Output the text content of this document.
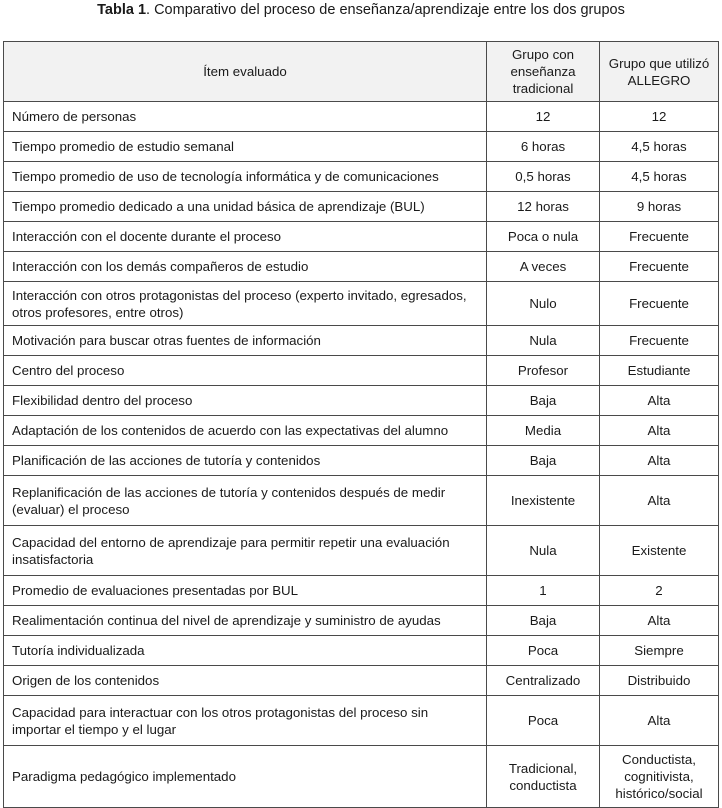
Tabla 1. Comparativo del proceso de enseñanza/aprendizaje entre los dos grupos
Ítem evaluado	Grupo con enseñanza tradicional	Grupo que utilizó ALLEGRO
Número de personas	12	12
Tiempo promedio de estudio semanal	6 horas	4,5 horas
Tiempo promedio de uso de tecnología informática y de comunicaciones	0,5 horas	4,5 horas
Tiempo promedio dedicado a una unidad básica de aprendizaje (BUL)	12 horas	9 horas
Interacción con el docente durante el proceso	Poca o nula	Frecuente
Interacción con los demás compañeros de estudio	A veces	Frecuente
Interacción con otros protagonistas del proceso (experto invitado, egresados, otros profesores, entre otros)	Nulo	Frecuente
Motivación para buscar otras fuentes de información	Nula	Frecuente
Centro del proceso	Profesor	Estudiante
Flexibilidad dentro del proceso	Baja	Alta
Adaptación de los contenidos de acuerdo con las expectativas del alumno	Media	Alta
Planificación de las acciones de tutoría y contenidos	Baja	Alta
Replanificación de las acciones de tutoría y contenidos después de medir (evaluar) el proceso	Inexistente	Alta
Capacidad del entorno de aprendizaje para permitir repetir una evaluación insatisfactoria	Nula	Existente
Promedio de evaluaciones presentadas por BUL	1	2
Realimentación continua del nivel de aprendizaje y suministro de ayudas	Baja	Alta
Tutoría individualizada	Poca	Siempre
Origen de los contenidos	Centralizado	Distribuido
Capacidad para interactuar con los otros protagonistas del proceso sin importar el tiempo y el lugar	Poca	Alta
Paradigma pedagógico implementado	Tradicional, conductista	Conductista, cognitivista, histórico/social
